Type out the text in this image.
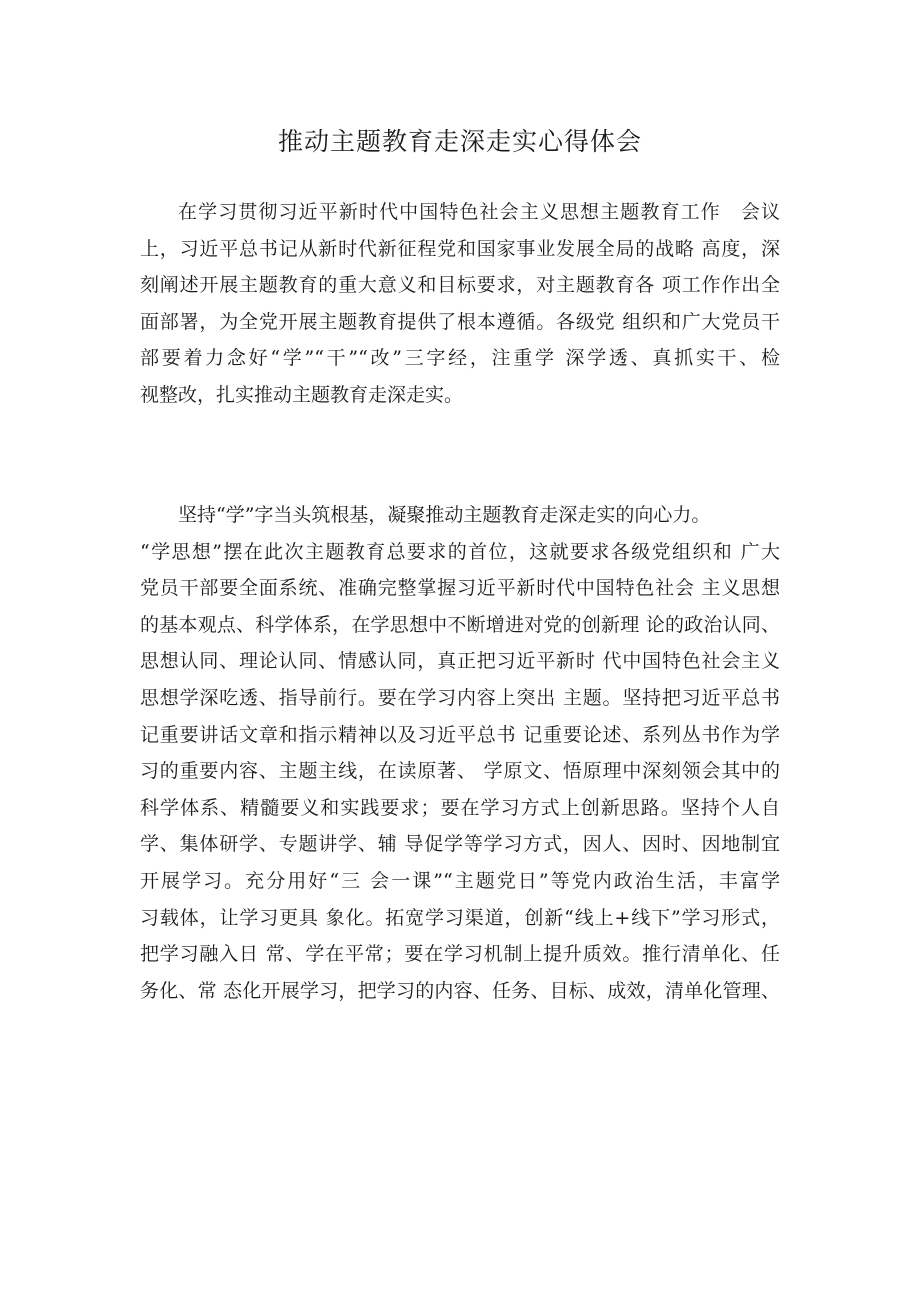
推动主题教育走深走实心得体会

在学习贯彻习近平新时代中国特色社会主义思想主题教育工作　会议
上，习近平总书记从新时代新征程党和国家事业发展全局的战略 高度，深
刻阐述开展主题教育的重大意义和目标要求，对主题教育各 项工作作出全
面部署，为全党开展主题教育提供了根本遵循。各级党 组织和广大党员干
部要着力念好“学”“干”“改”三字经，注重学 深学透、真抓实干、检
视整改，扎实推动主题教育走深走实。

坚持“学”字当头筑根基，凝聚推动主题教育走深走实的向心力。
“学思想”摆在此次主题教育总要求的首位，这就要求各级党组织和 广大
党员干部要全面系统、准确完整掌握习近平新时代中国特色社会 主义思想
的基本观点、科学体系，在学思想中不断增进对党的创新理 论的政治认同、
思想认同、理论认同、情感认同，真正把习近平新时 代中国特色社会主义
思想学深吃透、指导前行。要在学习内容上突出 主题。坚持把习近平总书
记重要讲话文章和指示精神以及习近平总书 记重要论述、系列丛书作为学
习的重要内容、主题主线，在读原著、 学原文、悟原理中深刻领会其中的
科学体系、精髓要义和实践要求；要在学习方式上创新思路。坚持个人自
学、集体研学、专题讲学、辅 导促学等学习方式，因人、因时、因地制宜
开展学习。充分用好“三 会一课”“主题党日”等党内政治生活，丰富学
习载体，让学习更具 象化。拓宽学习渠道，创新“线上+线下”学习形式，
把学习融入日 常、学在平常；要在学习机制上提升质效。推行清单化、任
务化、常 态化开展学习，把学习的内容、任务、目标、成效，清单化管理、
